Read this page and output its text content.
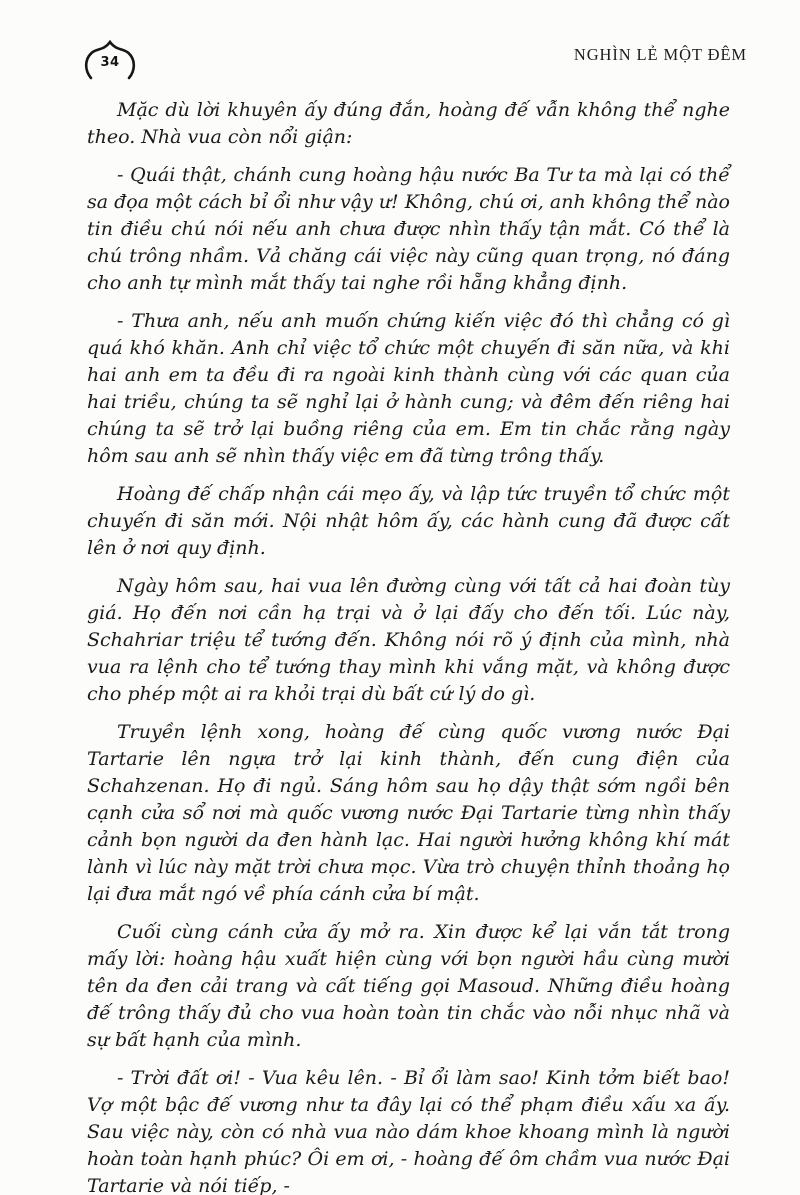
34	NGHÌN LẺ MỘT ĐÊM

Mặc dù lời khuyên ấy đúng đắn, hoàng đế vẫn không thể nghe theo. Nhà vua còn nổi giận:

- Quái thật, chánh cung hoàng hậu nước Ba Tư ta mà lại có thể sa đọa một cách bỉ ổi như vậy ư! Không, chú ơi, anh không thể nào tin điều chú nói nếu anh chưa được nhìn thấy tận mắt. Có thể là chú trông nhầm. Vả chăng cái việc này cũng quan trọng, nó đáng cho anh tự mình mắt thấy tai nghe rồi hẵng khẳng định.

- Thưa anh, nếu anh muốn chứng kiến việc đó thì chẳng có gì quá khó khăn. Anh chỉ việc tổ chức một chuyến đi săn nữa, và khi hai anh em ta đều đi ra ngoài kinh thành cùng với các quan của hai triều, chúng ta sẽ nghỉ lại ở hành cung; và đêm đến riêng hai chúng ta sẽ trở lại buồng riêng của em. Em tin chắc rằng ngày hôm sau anh sẽ nhìn thấy việc em đã từng trông thấy.

Hoàng đế chấp nhận cái mẹo ấy, và lập tức truyền tổ chức một chuyến đi săn mới. Nội nhật hôm ấy, các hành cung đã được cất lên ở nơi quy định.

Ngày hôm sau, hai vua lên đường cùng với tất cả hai đoàn tùy giá. Họ đến nơi cần hạ trại và ở lại đấy cho đến tối. Lúc này, Schahriar triệu tể tướng đến. Không nói rõ ý định của mình, nhà vua ra lệnh cho tể tướng thay mình khi vắng mặt, và không được cho phép một ai ra khỏi trại dù bất cứ lý do gì.

Truyền lệnh xong, hoàng đế cùng quốc vương nước Đại Tartarie lên ngựa trở lại kinh thành, đến cung điện của Schahzenan. Họ đi ngủ. Sáng hôm sau họ dậy thật sớm ngồi bên cạnh cửa sổ nơi mà quốc vương nước Đại Tartarie từng nhìn thấy cảnh bọn người da đen hành lạc. Hai người hưởng không khí mát lành vì lúc này mặt trời chưa mọc. Vừa trò chuyện thỉnh thoảng họ lại đưa mắt ngó về phía cánh cửa bí mật.

Cuối cùng cánh cửa ấy mở ra. Xin được kể lại vắn tắt trong mấy lời: hoàng hậu xuất hiện cùng với bọn người hầu cùng mười tên da đen cải trang và cất tiếng gọi Masoud. Những điều hoàng đế trông thấy đủ cho vua hoàn toàn tin chắc vào nỗi nhục nhã và sự bất hạnh của mình.

- Trời đất ơi! - Vua kêu lên. - Bỉ ổi làm sao! Kinh tởm biết bao! Vợ một bậc đế vương như ta đây lại có thể phạm điều xấu xa ấy. Sau việc này, còn có nhà vua nào dám khoe khoang mình là người hoàn toàn hạnh phúc? Ôi em ơi, - hoàng đế ôm chầm vua nước Đại Tartarie và nói tiếp, -
